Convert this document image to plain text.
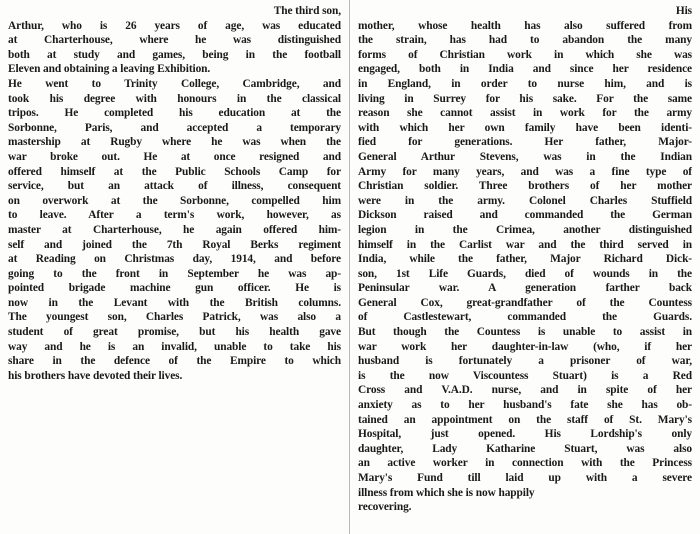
The third son,
Arthur, who is 26 years of age, was educated
at Charterhouse, where he was distinguished
both at study and games, being in the football
Eleven and obtaining a leaving Exhibition.
He went to Trinity College, Cambridge, and
took his degree with honours in the classical
tripos. He completed his education at the
Sorbonne, Paris, and accepted a temporary
mastership at Rugby where he was when the
war broke out. He at once resigned and
offered himself at the Public Schools Camp for
service, but an attack of illness, consequent
on overwork at the Sorbonne, compelled him
to leave. After a term's work, however, as
master at Charterhouse, he again offered him-
self and joined the 7th Royal Berks regiment
at Reading on Christmas day, 1914, and before
going to the front in September he was ap-
pointed brigade machine gun officer. He is
now in the Levant with the British columns.
The youngest son, Charles Patrick, was also a
student of great promise, but his health gave
way and he is an invalid, unable to take his
share in the defence of the Empire to which
his brothers have devoted their lives.
His
mother, whose health has also suffered from
the strain, has had to abandon the many
forms of Christian work in which she was
engaged, both in India and since her residence
in England, in order to nurse him, and is
living in Surrey for his sake. For the same
reason she cannot assist in work for the army
with which her own family have been identi-
fied for generations. Her father, Major-
General Arthur Stevens, was in the Indian
Army for many years, and was a fine type of
Christian soldier. Three brothers of her mother
were in the army. Colonel Charles Stuffield
Dickson raised and commanded the German
legion in the Crimea, another distinguished
himself in the Carlist war and the third served in
India, while the father, Major Richard Dick-
son, 1st Life Guards, died of wounds in the
Peninsular war. A generation farther back
General Cox, great-grandfather of the Countess
of Castlestewart, commanded the Guards.
But though the Countess is unable to assist in
war work her daughter-in-law (who, if her
husband is fortunately a prisoner of war,
is the now Viscountess Stuart) is a Red
Cross and V.A.D. nurse, and in spite of her
anxiety as to her husband's fate she has ob-
tained an appointment on the staff of St. Mary's
Hospital, just opened. His Lordship's only
daughter, Lady Katharine Stuart, was also
an active worker in connection with the Princess
Mary's Fund till laid up with a severe
illness from which she is now happily
recovering.
